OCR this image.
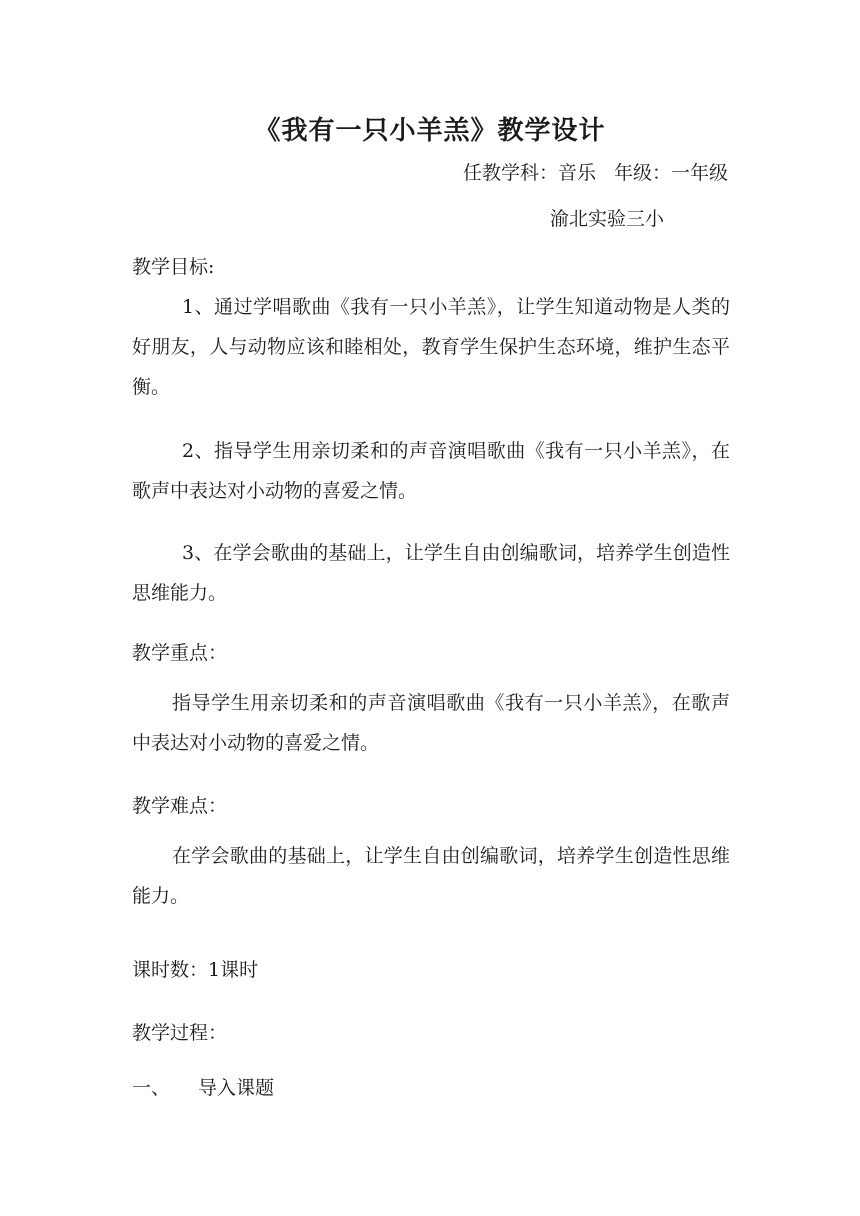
《我有一只小羊羔》教学设计
任教学科：音乐 年级：一年级
渝北实验三小
教学目标:
1、通过学唱歌曲《我有一只小羊羔》，让学生知道动物是人类的好朋友，人与动物应该和睦相处，教育学生保护生态环境，维护生态平衡。
2、指导学生用亲切柔和的声音演唱歌曲《我有一只小羊羔》，在歌声中表达对小动物的喜爱之情。
3、在学会歌曲的基础上，让学生自由创编歌词，培养学生创造性思维能力。
教学重点：
指导学生用亲切柔和的声音演唱歌曲《我有一只小羊羔》，在歌声中表达对小动物的喜爱之情。
教学难点：
在学会歌曲的基础上，让学生自由创编歌词，培养学生创造性思维能力。
课时数：1课时
教学过程：
一、 导入课题
